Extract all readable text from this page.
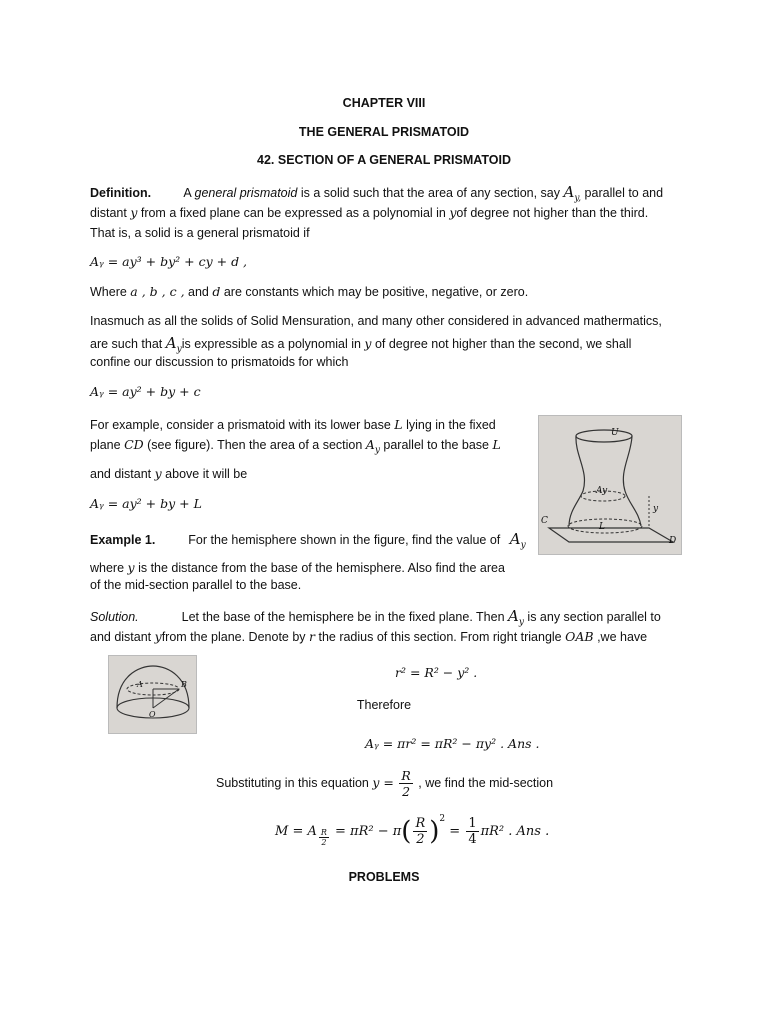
CHAPTER VIII
THE GENERAL PRISMATOID
42. SECTION OF A GENERAL PRISMATOID
Definition.	A general prismatoid is a solid such that the area of any section, say $A_{y,}$ parallel to and
distant y from a fixed plane can be expressed as a polynomial in yof degree not higher than the third.
That is, a solid is a general prismatoid if
Aᵧ = ay³ + by² + cy + d ,
Where a , b , c , and d are constants which may be positive, negative, or zero.
Inasmuch as all the solids of Solid Mensuration, and many other considered in advanced mathermatics,
are such that $A_yis$ expressible as a polynomial in y of degree not higher than the second, we shall
confine our discussion to prismatoids for which
Aᵧ = ay² + by + c
For example, consider a prismatoid with its lower base L lying in the fixed
plane CD (see figure). Then the area of a section $A_y$ parallel to the base L
and distant y above it will be
Aᵧ = ay² + by + L
U
Ay
C
L
D
y
Example 1.	For the hemisphere shown in the figure, find the value of $A_y$
where y is the distance from the base of the hemisphere. Also find the area
of the mid-section parallel to the base.
Solution.	Let the base of the hemisphere be in the fixed plane. Then $A_y$ is any section parallel to
and distant yfrom the plane. Denote by r the radius of this section. From right triangle OAB ,we have
A	B
O
r² = R² − y² .
Therefore
Aᵧ = πr² = πR² − πy² . Ans .
Substituting in this equation $y = \frac{R}{2}$ , we find the mid-section
M = A $\frac{R}{2} = \pi R^2 - \pi( \frac{R}{2} )^2 = \frac{1}{4} \pi R^2$ . Ans .
PROBLEMS
